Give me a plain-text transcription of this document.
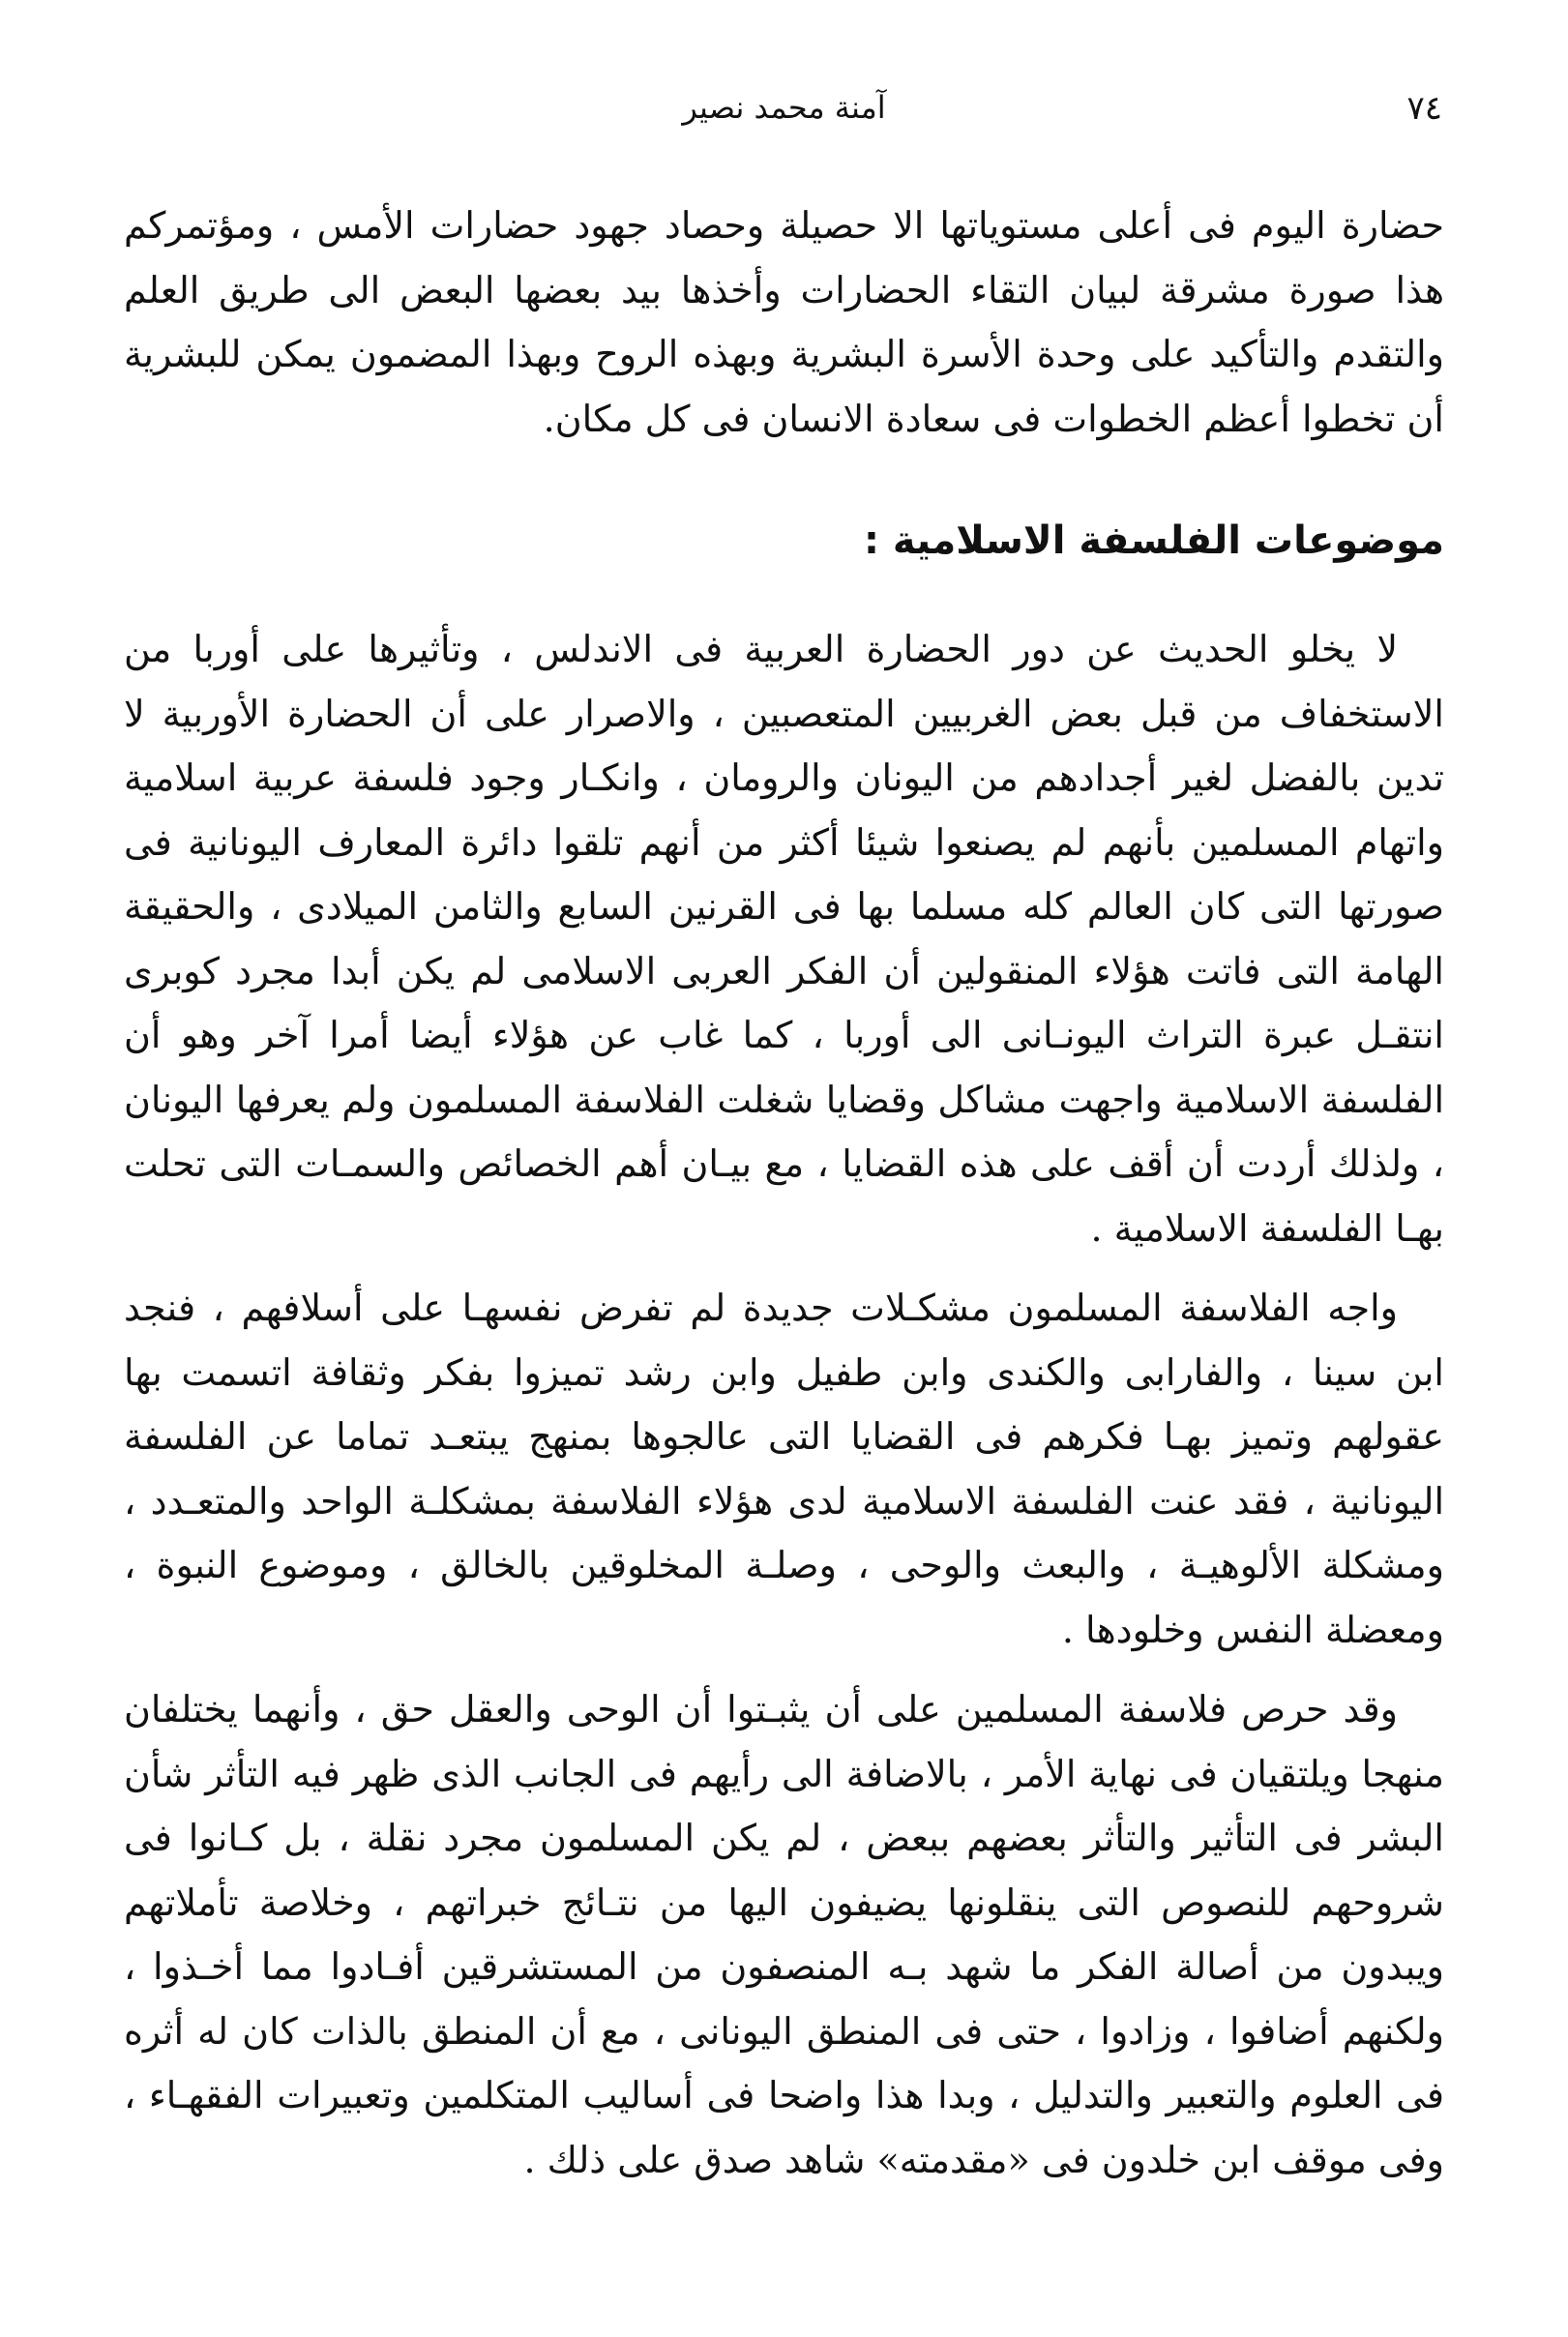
٧٤
آمنة محمد نصير

حضارة اليوم فى أعلى مستوياتها الا حصيلة وحصاد جهود حضارات الأمس ، ومؤتمركم هذا صورة مشرقة لبيان التقاء الحضارات وأخذها بيد بعضها البعض الى طريق العلم والتقدم والتأكيد على وحدة الأسرة البشرية وبهذه الروح وبهذا المضمون يمكن للبشرية أن تخطوا أعظم الخطوات فى سعادة الانسان فى كل مكان.

موضوعات الفلسفة الاسلامية :

لا يخلو الحديث عن دور الحضارة العربية فى الاندلس ، وتأثيرها على أوربا من الاستخفاف من قبل بعض الغربيين المتعصبين ، والاصرار على أن الحضارة الأوربية لا تدين بالفضل لغير أجدادهم من اليونان والرومان ، وانكـار وجود فلسفة عربية اسلامية واتهام المسلمين بأنهم لم يصنعوا شيئا أكثر من أنهم تلقوا دائرة المعارف اليونانية فى صورتها التى كان العالم كله مسلما بها فى القرنين السابع والثامن الميلادى ، والحقيقة الهامة التى فاتت هؤلاء المنقولين أن الفكر العربى الاسلامى لم يكن أبدا مجرد كوبرى انتقـل عبرة التراث اليونـانى الى أوربا ، كما غاب عن هؤلاء أيضا أمرا آخر وهو أن الفلسفة الاسلامية واجهت مشاكل وقضايا شغلت الفلاسفة المسلمون ولم يعرفها اليونان ، ولذلك أردت أن أقف على هذه القضايا ، مع بيـان أهم الخصائص والسمـات التى تحلت بهـا الفلسفة الاسلامية .

واجه الفلاسفة المسلمون مشكـلات جديدة لم تفرض نفسهـا على أسلافهم ، فنجد ابن سينا ، والفارابى والكندى وابن طفيل وابن رشد تميزوا بفكر وثقافة اتسمت بها عقولهم وتميز بهـا فكرهم فى القضايا التى عالجوها بمنهج يبتعـد تماما عن الفلسفة اليونانية ، فقد عنت الفلسفة الاسلامية لدى هؤلاء الفلاسفة بمشكلـة الواحد والمتعـدد ، ومشكلة الألوهيـة ، والبعث والوحى ، وصلـة المخلوقين بالخالق ، وموضوع النبوة ، ومعضلة النفس وخلودها .

وقد حرص فلاسفة المسلمين على أن يثبـتوا أن الوحى والعقل حق ، وأنهما يختلفان منهجا ويلتقيان فى نهاية الأمر ، بالاضافة الى رأيهم فى الجانب الذى ظهر فيه التأثر شأن البشر فى التأثير والتأثر بعضهم ببعض ، لم يكن المسلمون مجرد نقلة ، بل كـانوا فى شروحهم للنصوص التى ينقلونها يضيفون اليها من نتـائج خبراتهم ، وخلاصة تأملاتهم ويبدون من أصالة الفكر ما شهد بـه المنصفون من المستشرقين أفـادوا مما أخـذوا ، ولكنهم أضافوا ، وزادوا ، حتى فى المنطق اليونانى ، مع أن المنطق بالذات كان له أثره فى العلوم والتعبير والتدليل ، وبدا هذا واضحا فى أساليب المتكلمين وتعبيرات الفقهـاء ، وفى موقف ابن خلدون فى «مقدمته» شاهد صدق على ذلك .
